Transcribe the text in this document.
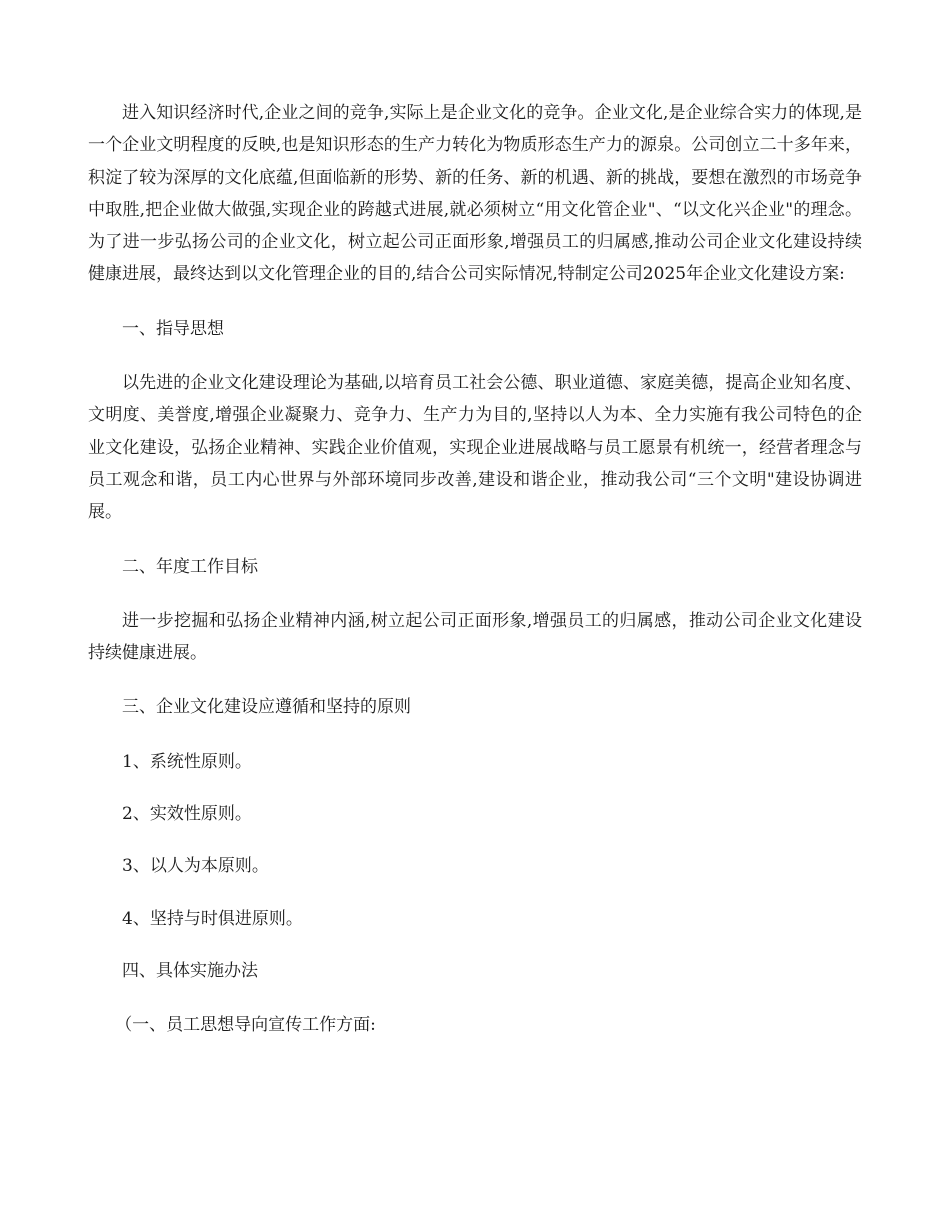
进入知识经济时代,企业之间的竞争,实际上是企业文化的竞争。企业文化,是企业综合实力的体现,是一个企业文明程度的反映,也是知识形态的生产力转化为物质形态生产力的源泉。公司创立二十多年来，积淀了较为深厚的文化底蕴,但面临新的形势、新的任务、新的机遇、新的挑战，要想在激烈的市场竞争中取胜,把企业做大做强,实现企业的跨越式进展,就必须树立“用文化管企业"、“以文化兴企业"的理念。为了进一步弘扬公司的企业文化，树立起公司正面形象,增强员工的归属感,推动公司企业文化建设持续健康进展，最终达到以文化管理企业的目的,结合公司实际情况,特制定公司2025年企业文化建设方案:

一、指导思想

以先进的企业文化建设理论为基础,以培育员工社会公德、职业道德、家庭美德，提高企业知名度、文明度、美誉度,增强企业凝聚力、竞争力、生产力为目的,坚持以人为本、全力实施有我公司特色的企业文化建设，弘扬企业精神、实践企业价值观，实现企业进展战略与员工愿景有机统一，经营者理念与员工观念和谐，员工内心世界与外部环境同步改善,建设和谐企业，推动我公司“三个文明"建设协调进展。

二、年度工作目标

进一步挖掘和弘扬企业精神内涵,树立起公司正面形象,增强员工的归属感，推动公司企业文化建设持续健康进展。

三、企业文化建设应遵循和坚持的原则

1、系统性原则。

2、实效性原则。

3、以人为本原则。

4、坚持与时俱进原则。

四、具体实施办法

（一、员工思想导向宣传工作方面:
